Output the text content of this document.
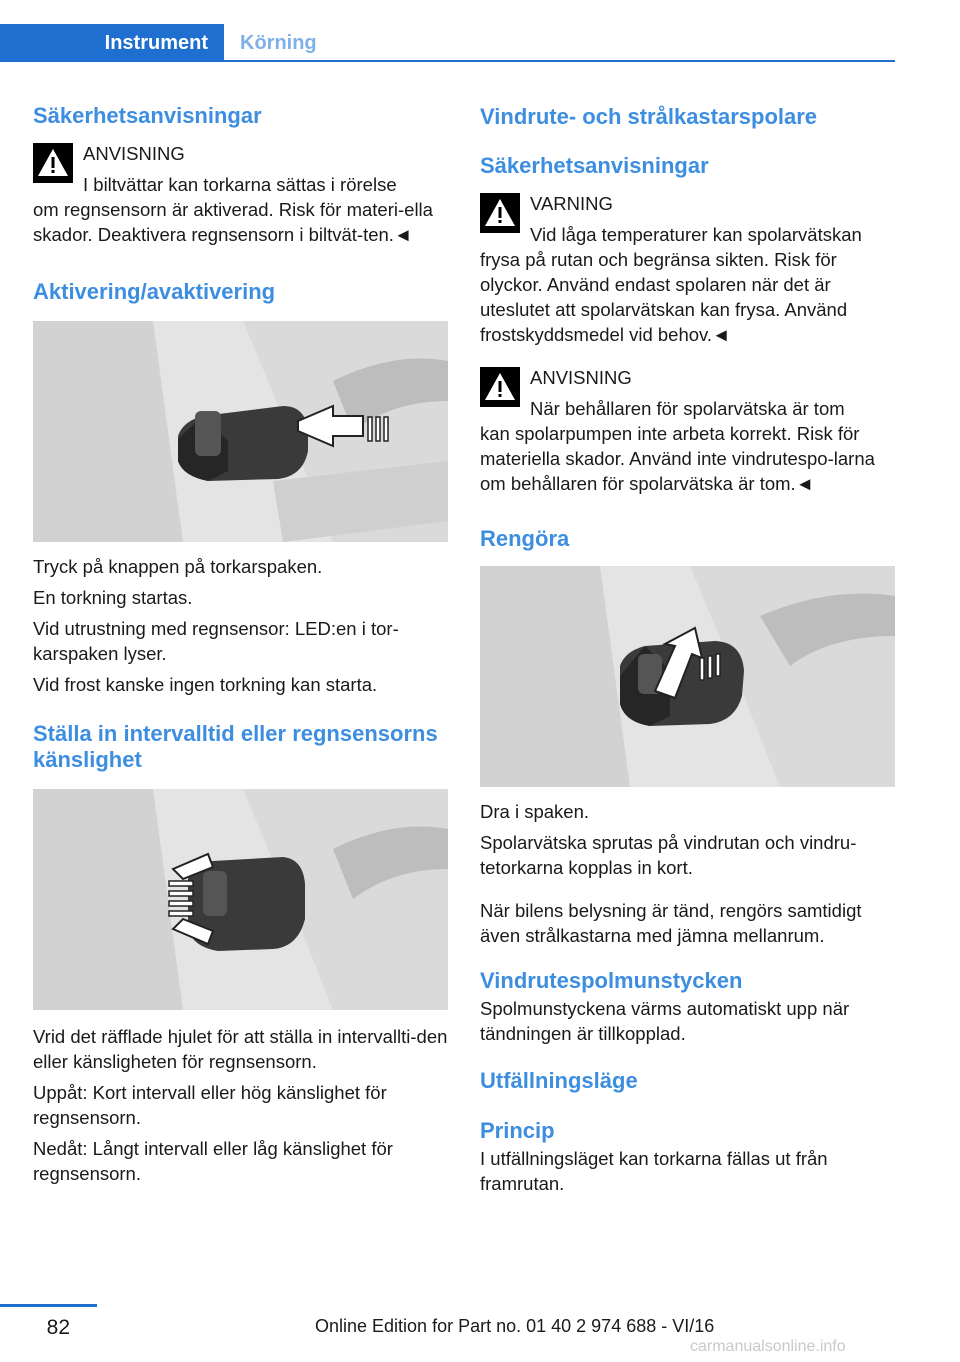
Instrument	Körning
Säkerhetsanvisningar
ANVISNING
I biltvättar kan torkarna sättas i rörelse

om regnsensorn är aktiverad. Risk för materi-ella skador. Deaktivera regnsensorn i biltvät-ten.◄

Aktivering/avaktivering

Tryck på knappen på torkarspaken.

En torkning startas.

Vid utrustning med regnsensor: LED:en i tor-karspaken lyser.

Vid frost kanske ingen torkning kan starta.

Ställa in intervalltid eller regnsensorns känslighet

Vrid det räfflade hjulet för att ställa in intervallti-den eller känsligheten för regnsensorn.

Uppåt: Kort intervall eller hög känslighet för regnsensorn.

Nedåt: Långt intervall eller låg känslighet för regnsensorn.

Vindrute- och strålkastarspolare
Säkerhetsanvisningar
VARNING
Vid låga temperaturer kan spolarvätskan

frysa på rutan och begränsa sikten. Risk för olyckor. Använd endast spolaren när det är uteslutet att spolarvätskan kan frysa. Använd frostskyddsmedel vid behov.◄

ANVISNING
När behållaren för spolarvätska är tom

kan spolarpumpen inte arbeta korrekt. Risk för materiella skador. Använd inte vindrutespo-larna om behållaren för spolarvätska är tom.◄

Rengöra

Dra i spaken.

Spolarvätska sprutas på vindrutan och vindru-tetorkarna kopplas in kort.

När bilens belysning är tänd, rengörs samtidigt även strålkastarna med jämna mellanrum.

Vindrutespolmunstycken

Spolmunstyckena värms automatiskt upp när tändningen är tillkopplad.

Utfällningsläge
Princip

I utfällningsläget kan torkarna fällas ut från framrutan.

82	Online Edition for Part no. 01 40 2 974 688 - VI/16
carmanualsonline.info
